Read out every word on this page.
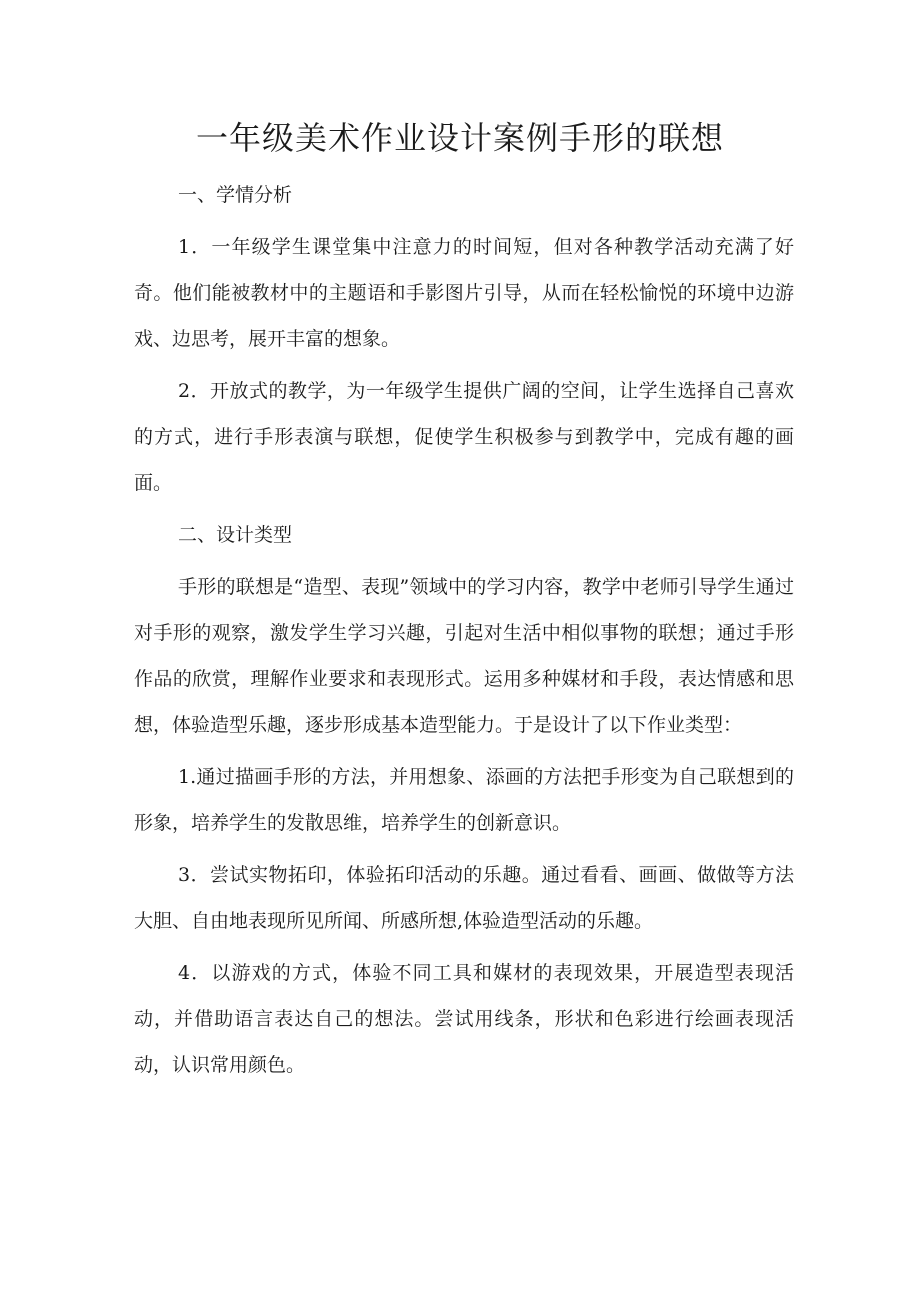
一年级美术作业设计案例手形的联想

一、学情分析

1．一年级学生课堂集中注意力的时间短，但对各种教学活动充满了好奇。他们能被教材中的主题语和手影图片引导，从而在轻松愉悦的环境中边游戏、边思考，展开丰富的想象。

2．开放式的教学，为一年级学生提供广阔的空间，让学生选择自己喜欢的方式，进行手形表演与联想，促使学生积极参与到教学中，完成有趣的画面。

二、设计类型

手形的联想是“造型、表现”领域中的学习内容，教学中老师引导学生通过对手形的观察，激发学生学习兴趣，引起对生活中相似事物的联想；通过手形作品的欣赏，理解作业要求和表现形式。运用多种媒材和手段，表达情感和思想，体验造型乐趣，逐步形成基本造型能力。于是设计了以下作业类型：

1.通过描画手形的方法，并用想象、添画的方法把手形变为自己联想到的形象，培养学生的发散思维，培养学生的创新意识。

3．尝试实物拓印，体验拓印活动的乐趣。通过看看、画画、做做等方法大胆、自由地表现所见所闻、所感所想,体验造型活动的乐趣。

4．以游戏的方式，体验不同工具和媒材的表现效果，开展造型表现活动，并借助语言表达自己的想法。尝试用线条，形状和色彩进行绘画表现活动，认识常用颜色。
